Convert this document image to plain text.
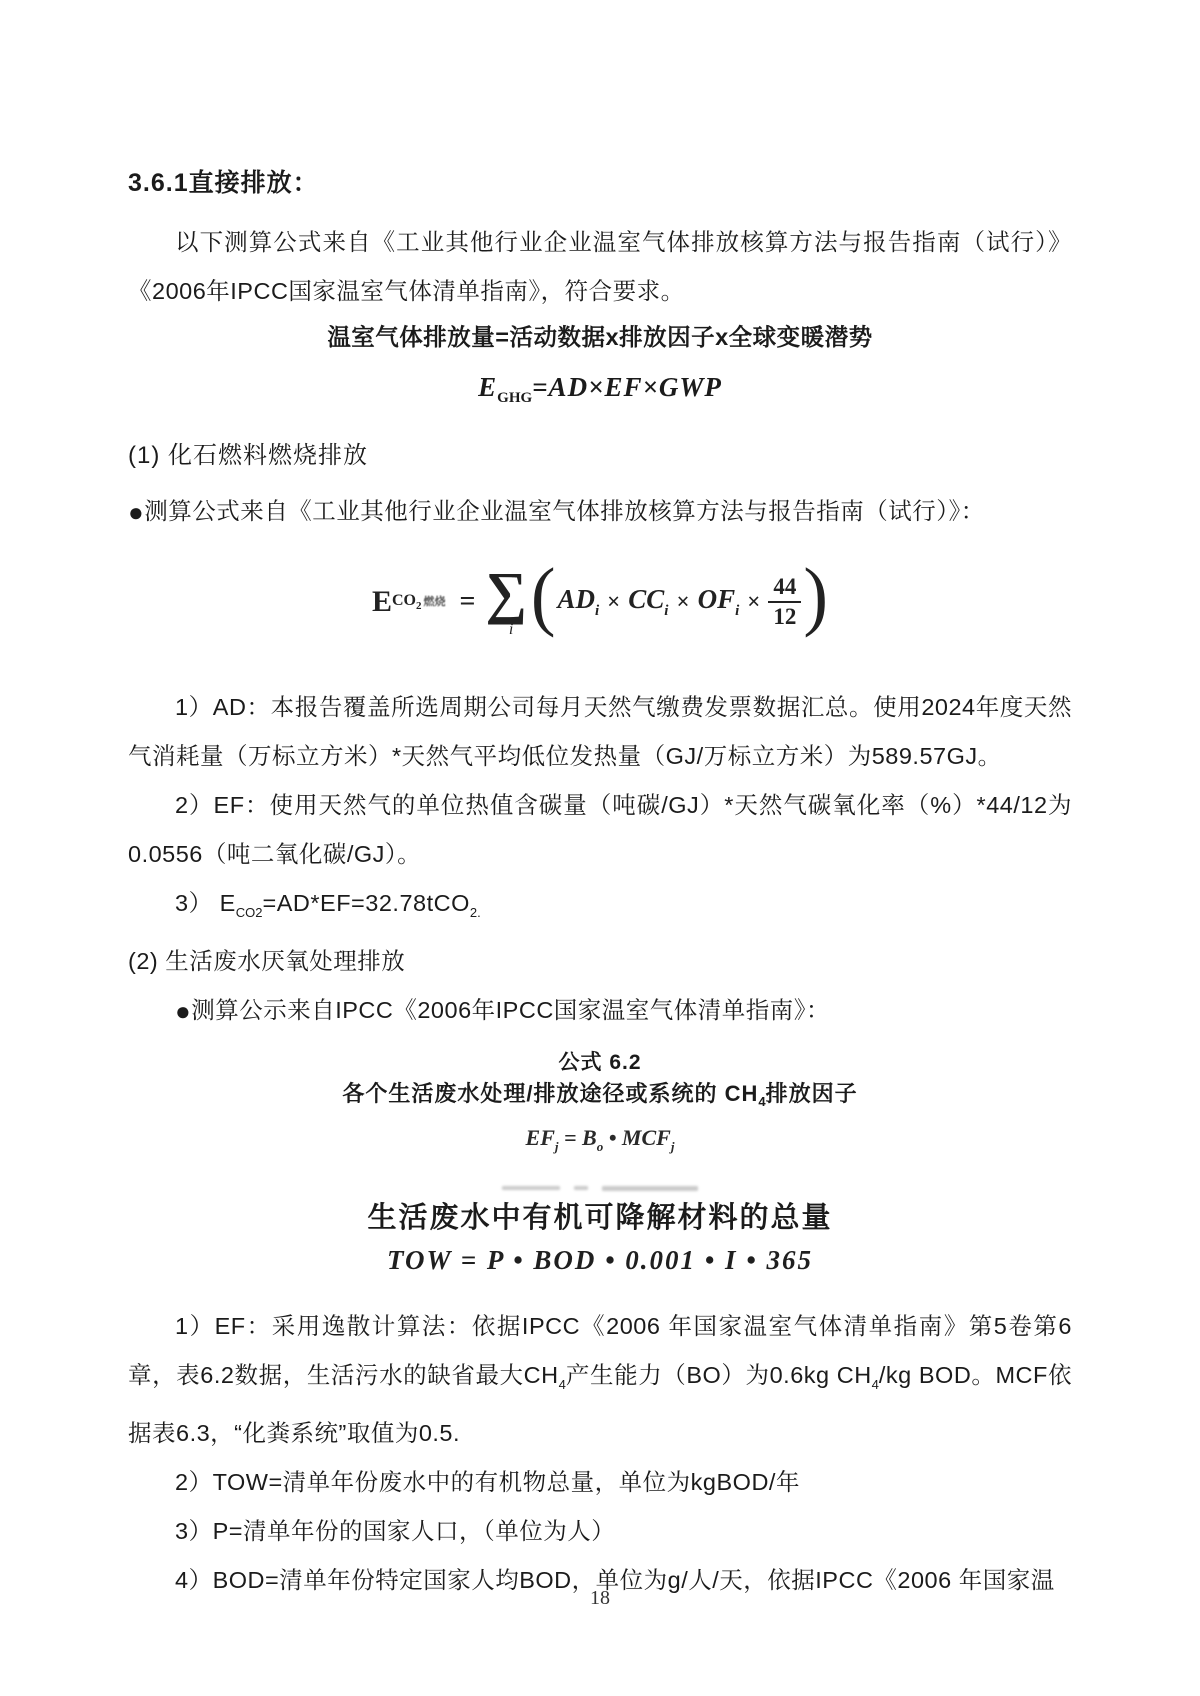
3.6.1直接排放：

以下测算公式来自《工业其他行业企业温室气体排放核算方法与报告指南（试行）》《2006年IPCC国家温室气体清单指南》，符合要求。

温室气体排放量=活动数据x排放因子x全球变暖潜势
$E_{GHG}=AD\times EF\times GWP$
(1) 化石燃料燃烧排放

●测算公式来自《工业其他行业企业温室气体排放核算方法与报告指南（试行）》：

E $CO_2$ 燃烧 = ∑
i ( $AD_i \times CC_i \times OF_i \times \frac{44}{12}$ )

1）AD：本报告覆盖所选周期公司每月天然气缴费发票数据汇总。使用2024年度天然气消耗量（万标立方米）*天然气平均低位发热量（GJ/万标立方米）为589.57GJ。

2）EF：使用天然气的单位热值含碳量（吨碳/GJ）*天然气碳氧化率（%）*44/12为0.0556（吨二氧化碳/GJ）。

3） $E_{CO2}=AD*EF=32.78tCO_{2.}$

(2) 生活废水厌氧处理排放

●测算公示来自IPCC《2006年IPCC国家温室气体清单指南》：

公式 6.2
各个生活废水处理/排放途径或系统的 $CH_4$排放因子
$EF_j = B_o$ • $MCF_j$
生活废水中有机可降解材料的总量
TOW = P • BOD • 0.001 • I • 365

1）EF：采用逸散计算法：依据IPCC《2006 年国家温室气体清单指南》第5卷第6章，表6.2数据，生活污水的缺省最大$CH_4$产生能力（BO）为0.6kg $CH_4/kg$ BOD。MCF依据表6.3，“化粪系统”取值为0.5.

2）TOW=清单年份废水中的有机物总量，单位为kgBOD/年

3）P=清单年份的国家人口，（单位为人）

4）BOD=清单年份特定国家人均BOD，单位为g/人/天，依据IPCC《2006 年国家温

18
